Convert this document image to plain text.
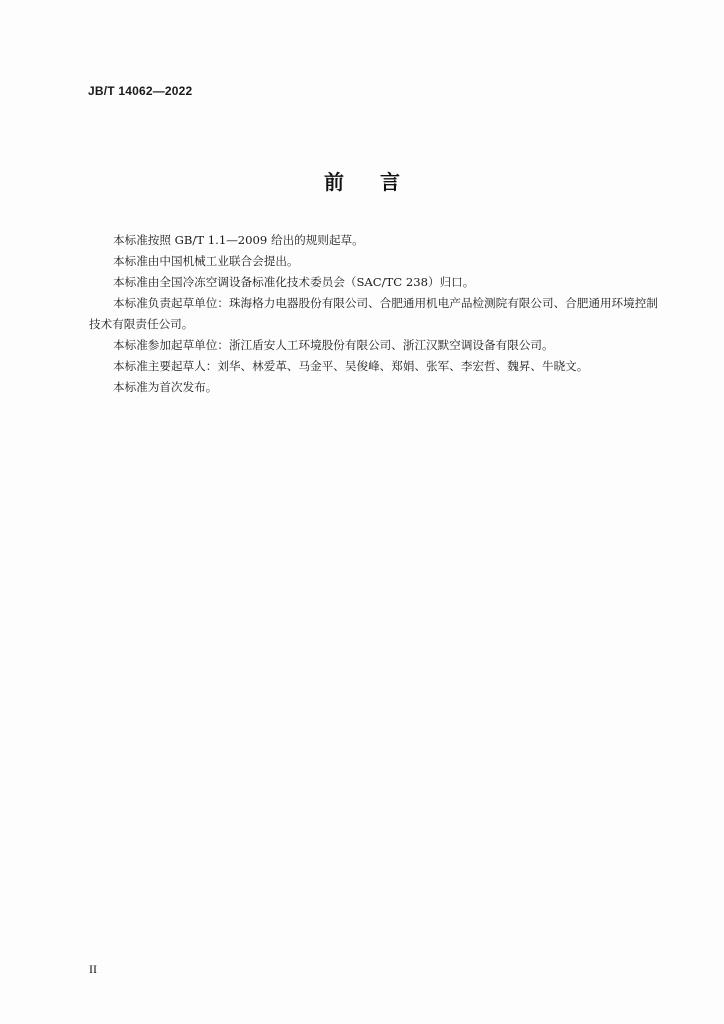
JB/T 14062—2022
前言

本标准按照 GB/T 1.1—2009 给出的规则起草。

本标准由中国机械工业联合会提出。

本标准由全国冷冻空调设备标准化技术委员会（SAC/TC 238）归口。

本标准负责起草单位：珠海格力电器股份有限公司、合肥通用机电产品检测院有限公司、合肥通用环境控制技术有限责任公司。

本标准参加起草单位：浙江盾安人工环境股份有限公司、浙江汉默空调设备有限公司。

本标准主要起草人：刘华、林爱革、马金平、吴俊峰、郑娟、张军、李宏哲、魏昇、牛晓文。

本标准为首次发布。

II
